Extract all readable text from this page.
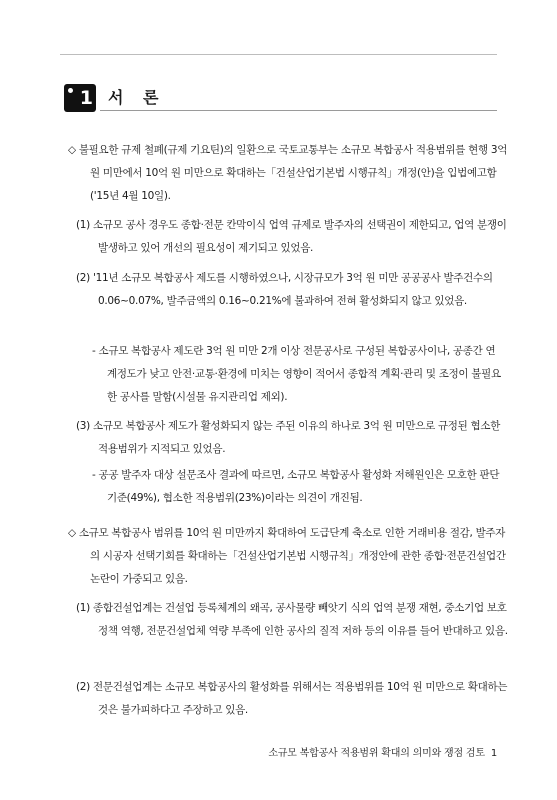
1 서 론

◇ 불필요한 규제 철폐(규제 기요틴)의 일환으로 국토교통부는 소규모 복합공사 적용범위를 현행 3억 원 미만에서 10억 원 미만으로 확대하는「건설산업기본법 시행규칙」개정(안)을 입법예고함('15년 4월 10일).

(1) 소규모 공사 경우도 종합·전문 칸막이식 업역 규제로 발주자의 선택권이 제한되고, 업역 분쟁이 발생하고 있어 개선의 필요성이 제기되고 있었음.

(2) '11년 소규모 복합공사 제도를 시행하였으나, 시장규모가 3억 원 미만 공공공사 발주건수의 0.06~0.07%, 발주금액의 0.16~0.21%에 불과하여 전혀 활성화되지 않고 있었음.

- 소규모 복합공사 제도란 3억 원 미만 2개 이상 전문공사로 구성된 복합공사이나, 공종간 연계정도가 낮고 안전·교통·환경에 미치는 영향이 적어서 종합적 계획·관리 및 조정이 불필요한 공사를 말함(시설물 유지관리업 제외).

(3) 소규모 복합공사 제도가 활성화되지 않는 주된 이유의 하나로 3억 원 미만으로 규정된 협소한 적용범위가 지적되고 있었음.

- 공공 발주자 대상 설문조사 결과에 따르면, 소규모 복합공사 활성화 저해원인은 모호한 판단기준(49%), 협소한 적용범위(23%)이라는 의견이 개진됨.

◇ 소규모 복합공사 범위를 10억 원 미만까지 확대하여 도급단계 축소로 인한 거래비용 절감, 발주자의 시공자 선택기회를 확대하는「건설산업기본법 시행규칙」개정안에 관한 종합·전문건설업간 논란이 가중되고 있음.

(1) 종합건설업계는 건설업 등록체계의 왜곡, 공사물량 빼앗기 식의 업역 분쟁 재현, 중소기업 보호정책 역행, 전문건설업체 역량 부족에 인한 공사의 질적 저하 등의 이유를 들어 반대하고 있음.

(2) 전문건설업계는 소규모 복합공사의 활성화를 위해서는 적용범위를 10억 원 미만으로 확대하는 것은 불가피하다고 주장하고 있음.

소규모 복합공사 적용범위 확대의 의미와 쟁점 검토 1
